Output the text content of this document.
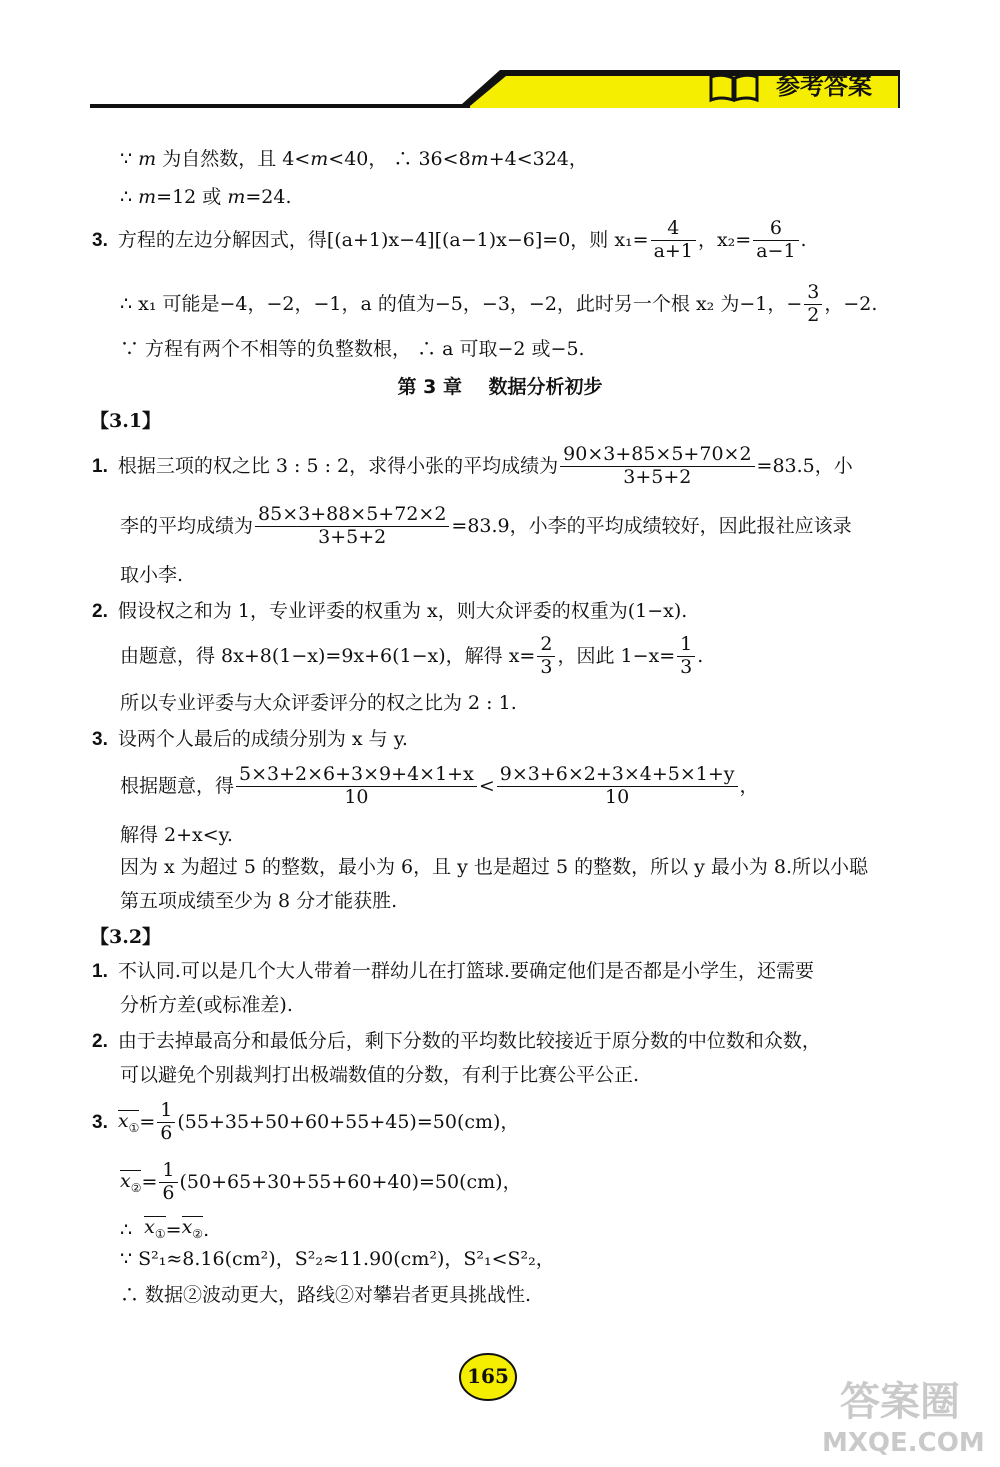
参考答案
∵ m 为自然数，且 4<m<40， ∴ 36<8m+4<324，
∴ m=12 或 m=24.
3. 方程的左边分解因式，得[(a+1)x−4][(a−1)x−6]=0，则 $x_1= \frac{4}{a+1}$ ，$x_2= \frac{6}{a-1}$ .
∴ x₁ 可能是−4，−2，−1，a 的值为−5，−3，−2，此时另一个根 x₂ 为−1，− $\frac{3}{2}$ ，−2.
∵ 方程有两个不相等的负整数根， ∴ a 可取−2 或−5.
第 3 章    数据分析初步
【3.1】
1. 根据三项的权之比 3 : 5 : 2，求得小张的平均成绩为 $\frac{90\times 3+85\times 5+70\times 2}{3+5+2} =83.5$，小
李的平均成绩为 $\frac{85\times 3+88\times 5+72\times 2}{3+5+2} =83.9$，小李的平均成绩较好，因此报社应该录
取小李.
2. 假设权之和为 1，专业评委的权重为 x，则大众评委的权重为(1−x).
由题意，得 8x+8(1−x)=9x+6(1−x)，解得 $x= \frac{2}{3}$ ，因此 $1-x= \frac{1}{3}$ .
所以专业评委与大众评委评分的权之比为 2 : 1.
3. 设两个人最后的成绩分别为 x 与 y.
根据题意，得 $\frac{5\times 3+2\times 6+3\times 9+4\times 1+x}{10} < \frac{9\times 3+6\times 2+3\times 4+5\times 1+y}{10}$ ，
解得 2+x<y.
因为 x 为超过 5 的整数，最小为 6，且 y 也是超过 5 的整数，所以 y 最小为 8.所以小聪
第五项成绩至少为 8 分才能获胜.
【3.2】
1. 不认同.可以是几个大人带着一群幼儿在打篮球.要确定他们是否都是小学生，还需要
分析方差(或标准差).
2. 由于去掉最高分和最低分后，剩下分数的平均数比较接近于原分数的中位数和众数，
可以避免个别裁判打出极端数值的分数，有利于比赛公平公正.
3. $x_① = \frac{1}{6} (55+35+50+60+55+45)=50(cm)$，
$x_② = \frac{1}{6} (50+65+30+55+60+40)=50(cm)$，
∴ $x_① = x_②$ .
∵ S²₁≈8.16(cm²)，S²₂≈11.90(cm²)，S²₁<S²₂，
∴ 数据②波动更大，路线②对攀岩者更具挑战性.
165
答案圈
MXQE.COM
